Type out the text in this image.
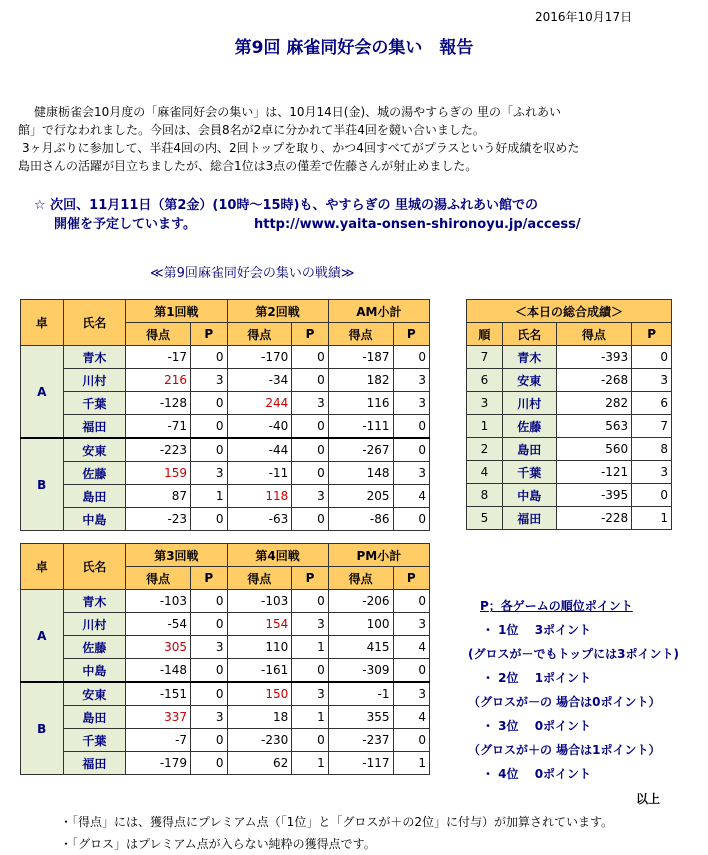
2016年10月17日
第9回 麻雀同好会の集い　報告

健康栃雀会10月度の「麻雀同好会の集い」は、10月14日(金)、城の湯やすらぎの 里の「ふれあい

館」で行なわれました。今回は、会員8名が2卓に分かれて半荘4回を競い合いました。

3ヶ月ぶりに参加して、半荘4回の内、2回トップを取り、かつ4回すべてがプラスという好成績を収めた

島田さんの活躍が目立ちましたが、総合1位は3点の僅差で佐藤さんが射止めました。

☆ 次回、11月11日（第2金）(10時～15時)も、やすらぎの 里城の湯ふれあい館での
開催を予定しています。	http://www.yaita-onsen-shironoyu.jp/access/
≪第9回麻雀同好会の集いの戦績≫
卓	氏名	第1回戦		第2回戦		AM小計	
		得点	P	得点	P	得点	P
A	青木	-17	0	-170	0	-187	0
	川村	216	3	-34	0	182	3
	千葉	-128	0	244	3	116	3
	福田	-71	0	-40	0	-111	0
B	安東	-223	0	-44	0	-267	0
	佐藤	159	3	-11	0	148	3
	島田	87	1	118	3	205	4
	中島	-23	0	-63	0	-86	0
卓	氏名	第3回戦		第4回戦		PM小計	
		得点	P	得点	P	得点	P
A	青木	-103	0	-103	0	-206	0
	川村	-54	0	154	3	100	3
	佐藤	305	3	110	1	415	4
	中島	-148	0	-161	0	-309	0
B	安東	-151	0	150	3	-1	3
	島田	337	3	18	1	355	4
	千葉	-7	0	-230	0	-237	0
	福田	-179	0	62	1	-117	1
＜本日の総合成績＞			
順	氏名	得点	P
7	青木	-393	0
6	安東	-268	3
3	川村	282	6
1	佐藤	563	7
2	島田	560	8
4	千葉	-121	3
8	中島	-395	0
5	福田	-228	1
P；各ゲームの順位ポイント
・ 1位　 3ポイント
(グロスが－でもトップには3ポイント)
・ 2位　 1ポイント
（グロスが－の 場合は0ポイント）
・ 3位　 0ポイント
（グロスが＋の 場合は1ポイント）
・ 4位　 0ポイント
以上

・「得点」には、獲得点にプレミアム点（「1位」と「グロスが＋の2位」に付与）が加算されています。

・「グロス」はプレミアム点が入らない純粋の獲得点です。
